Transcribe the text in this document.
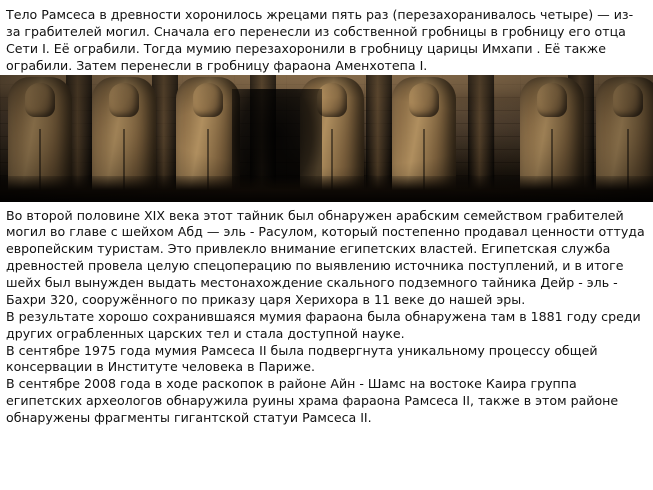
Тело Рамсеса в древности хоронилось жрецами пять раз (перезахоранивалось четыре) — из-за грабителей могил. Сначала его перенесли из собственной гробницы в гробницу его отца Сети I. Её ограбили. Тогда мумию перезахоронили в гробницу царицы Имхапи . Её также ограбили. Затем перенесли в гробницу фараона Аменхотепа I.

Во второй половине XIX века этот тайник был обнаружен арабским семейством грабителей могил во главе с шейхом Абд — эль - Расулом, который постепенно продавал ценности оттуда европейским туристам. Это привлекло внимание египетских властей. Египетская служба древностей провела целую спецоперацию по выявлению источника поступлений, и в итоге шейх был вынужден выдать местонахождение скального подземного тайника Дейр - эль - Бахри 320, сооружённого по приказу царя Херихора в 11 веке до нашей эры.

В результате хорошо сохранившаяся мумия фараона была обнаружена там в 1881 году среди других ограбленных царских тел и стала доступной науке.

В сентябре 1975 года мумия Рамсеса II была подвергнута уникальному процессу общей консервации в Институте человека в Париже.

В сентябре 2008 года в ходе раскопок в районе Айн - Шамс на востоке Каира группа египетских археологов обнаружила руины храма фараона Рамсеса II, также в этом районе обнаружены фрагменты гигантской статуи Рамсеса II.
